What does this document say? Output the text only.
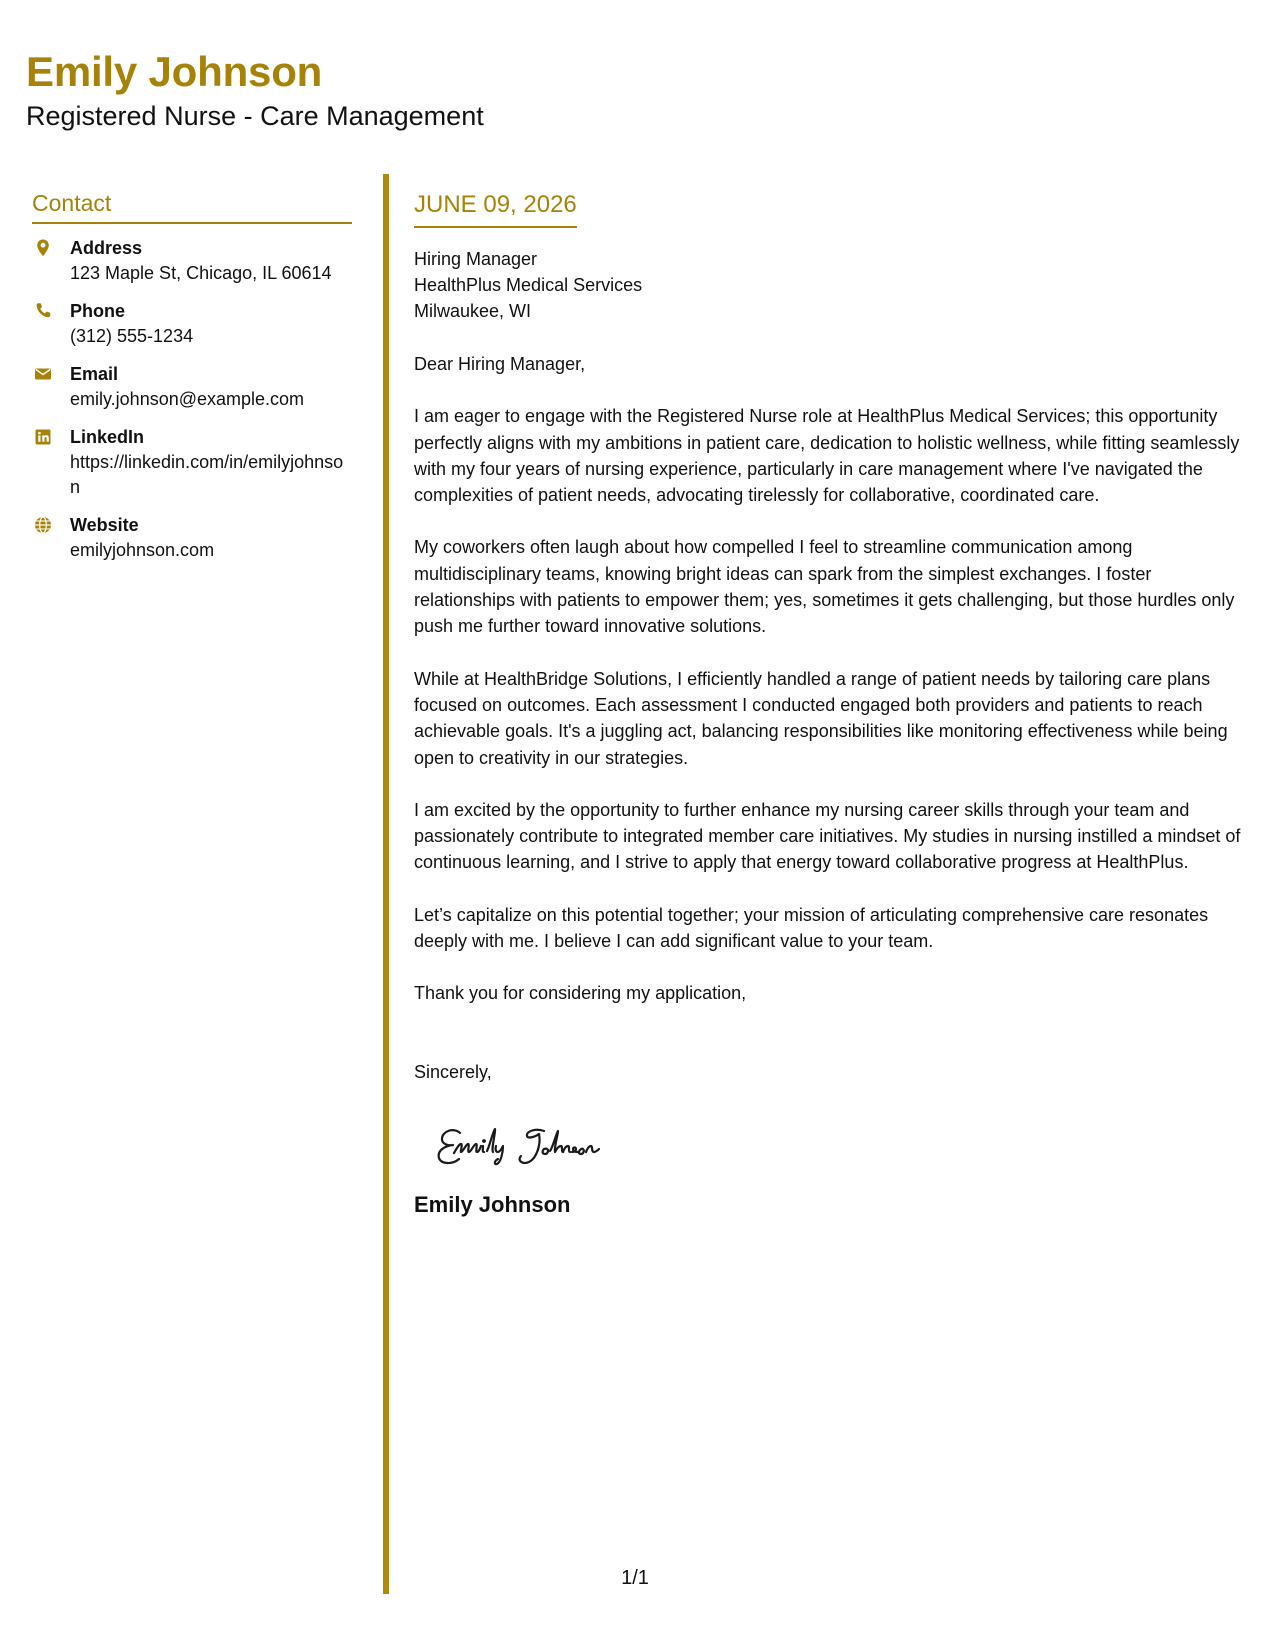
Emily Johnson
Registered Nurse - Care Management
Contact
Address
123 Maple St, Chicago, IL 60614
Phone
(312) 555-1234
Email
emily.johnson@example.com
LinkedIn
https://linkedin.com/in/emilyjohnson
Website
emilyjohnson.com
JUNE 09, 2026
Hiring Manager
HealthPlus Medical Services
Milwaukee, WI
Dear Hiring Manager,
I am eager to engage with the Registered Nurse role at HealthPlus Medical Services; this opportunity perfectly aligns with my ambitions in patient care, dedication to holistic wellness, while fitting seamlessly with my four years of nursing experience, particularly in care management where I've navigated the complexities of patient needs, advocating tirelessly for collaborative, coordinated care.
My coworkers often laugh about how compelled I feel to streamline communication among multidisciplinary teams, knowing bright ideas can spark from the simplest exchanges. I foster relationships with patients to empower them; yes, sometimes it gets challenging, but those hurdles only push me further toward innovative solutions.
While at HealthBridge Solutions, I efficiently handled a range of patient needs by tailoring care plans focused on outcomes. Each assessment I conducted engaged both providers and patients to reach achievable goals. It's a juggling act, balancing responsibilities like monitoring effectiveness while being open to creativity in our strategies.
I am excited by the opportunity to further enhance my nursing career skills through your team and passionately contribute to integrated member care initiatives. My studies in nursing instilled a mindset of continuous learning, and I strive to apply that energy toward collaborative progress at HealthPlus.
Let’s capitalize on this potential together; your mission of articulating comprehensive care resonates deeply with me. I believe I can add significant value to your team.
Thank you for considering my application,
Sincerely,
Emily Johnson
1/1
